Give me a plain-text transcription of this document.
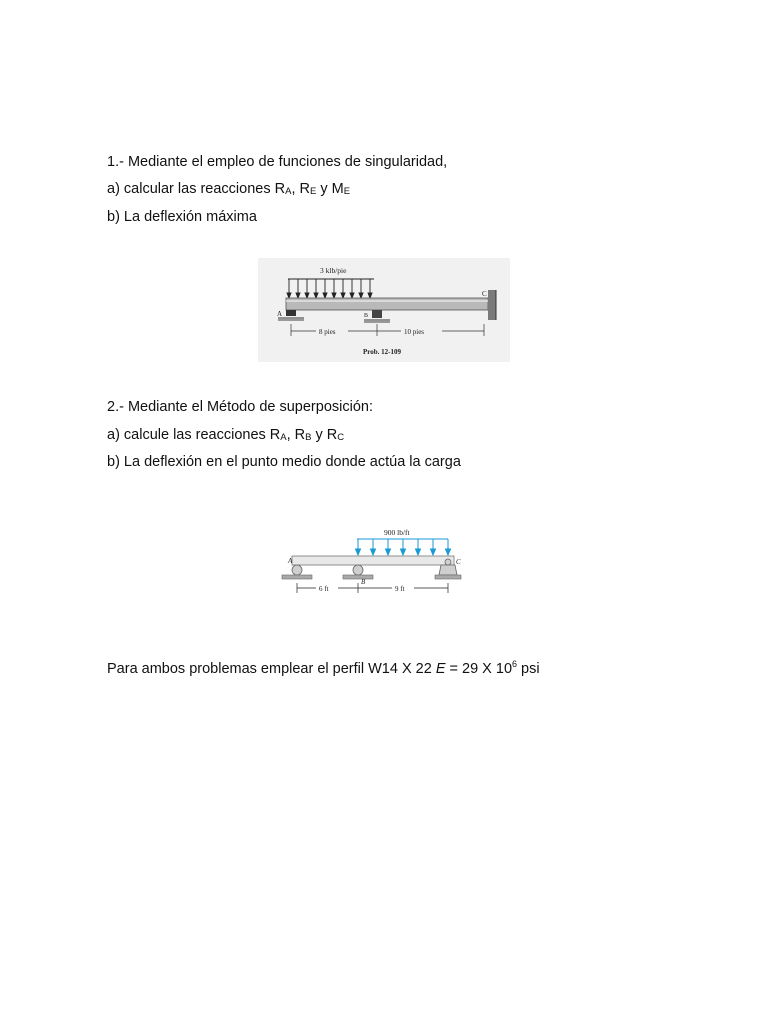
1.- Mediante el empleo de funciones de singularidad,
a) calcular las reacciones RA, RE y ME
b) La deflexión máxima
3 klb/pie
C
A	B
8 pies	10 pies
Prob. 12-109
2.- Mediante el Método de superposición:
a) calcule las reacciones RA, RB y RC
b) La deflexión en el punto medio donde actúa la carga
900 lb/ft
A
B
C
6 ft	9 ft
Para ambos problemas emplear el perfil W14 X 22 E = 29 X $10^6$ psi
